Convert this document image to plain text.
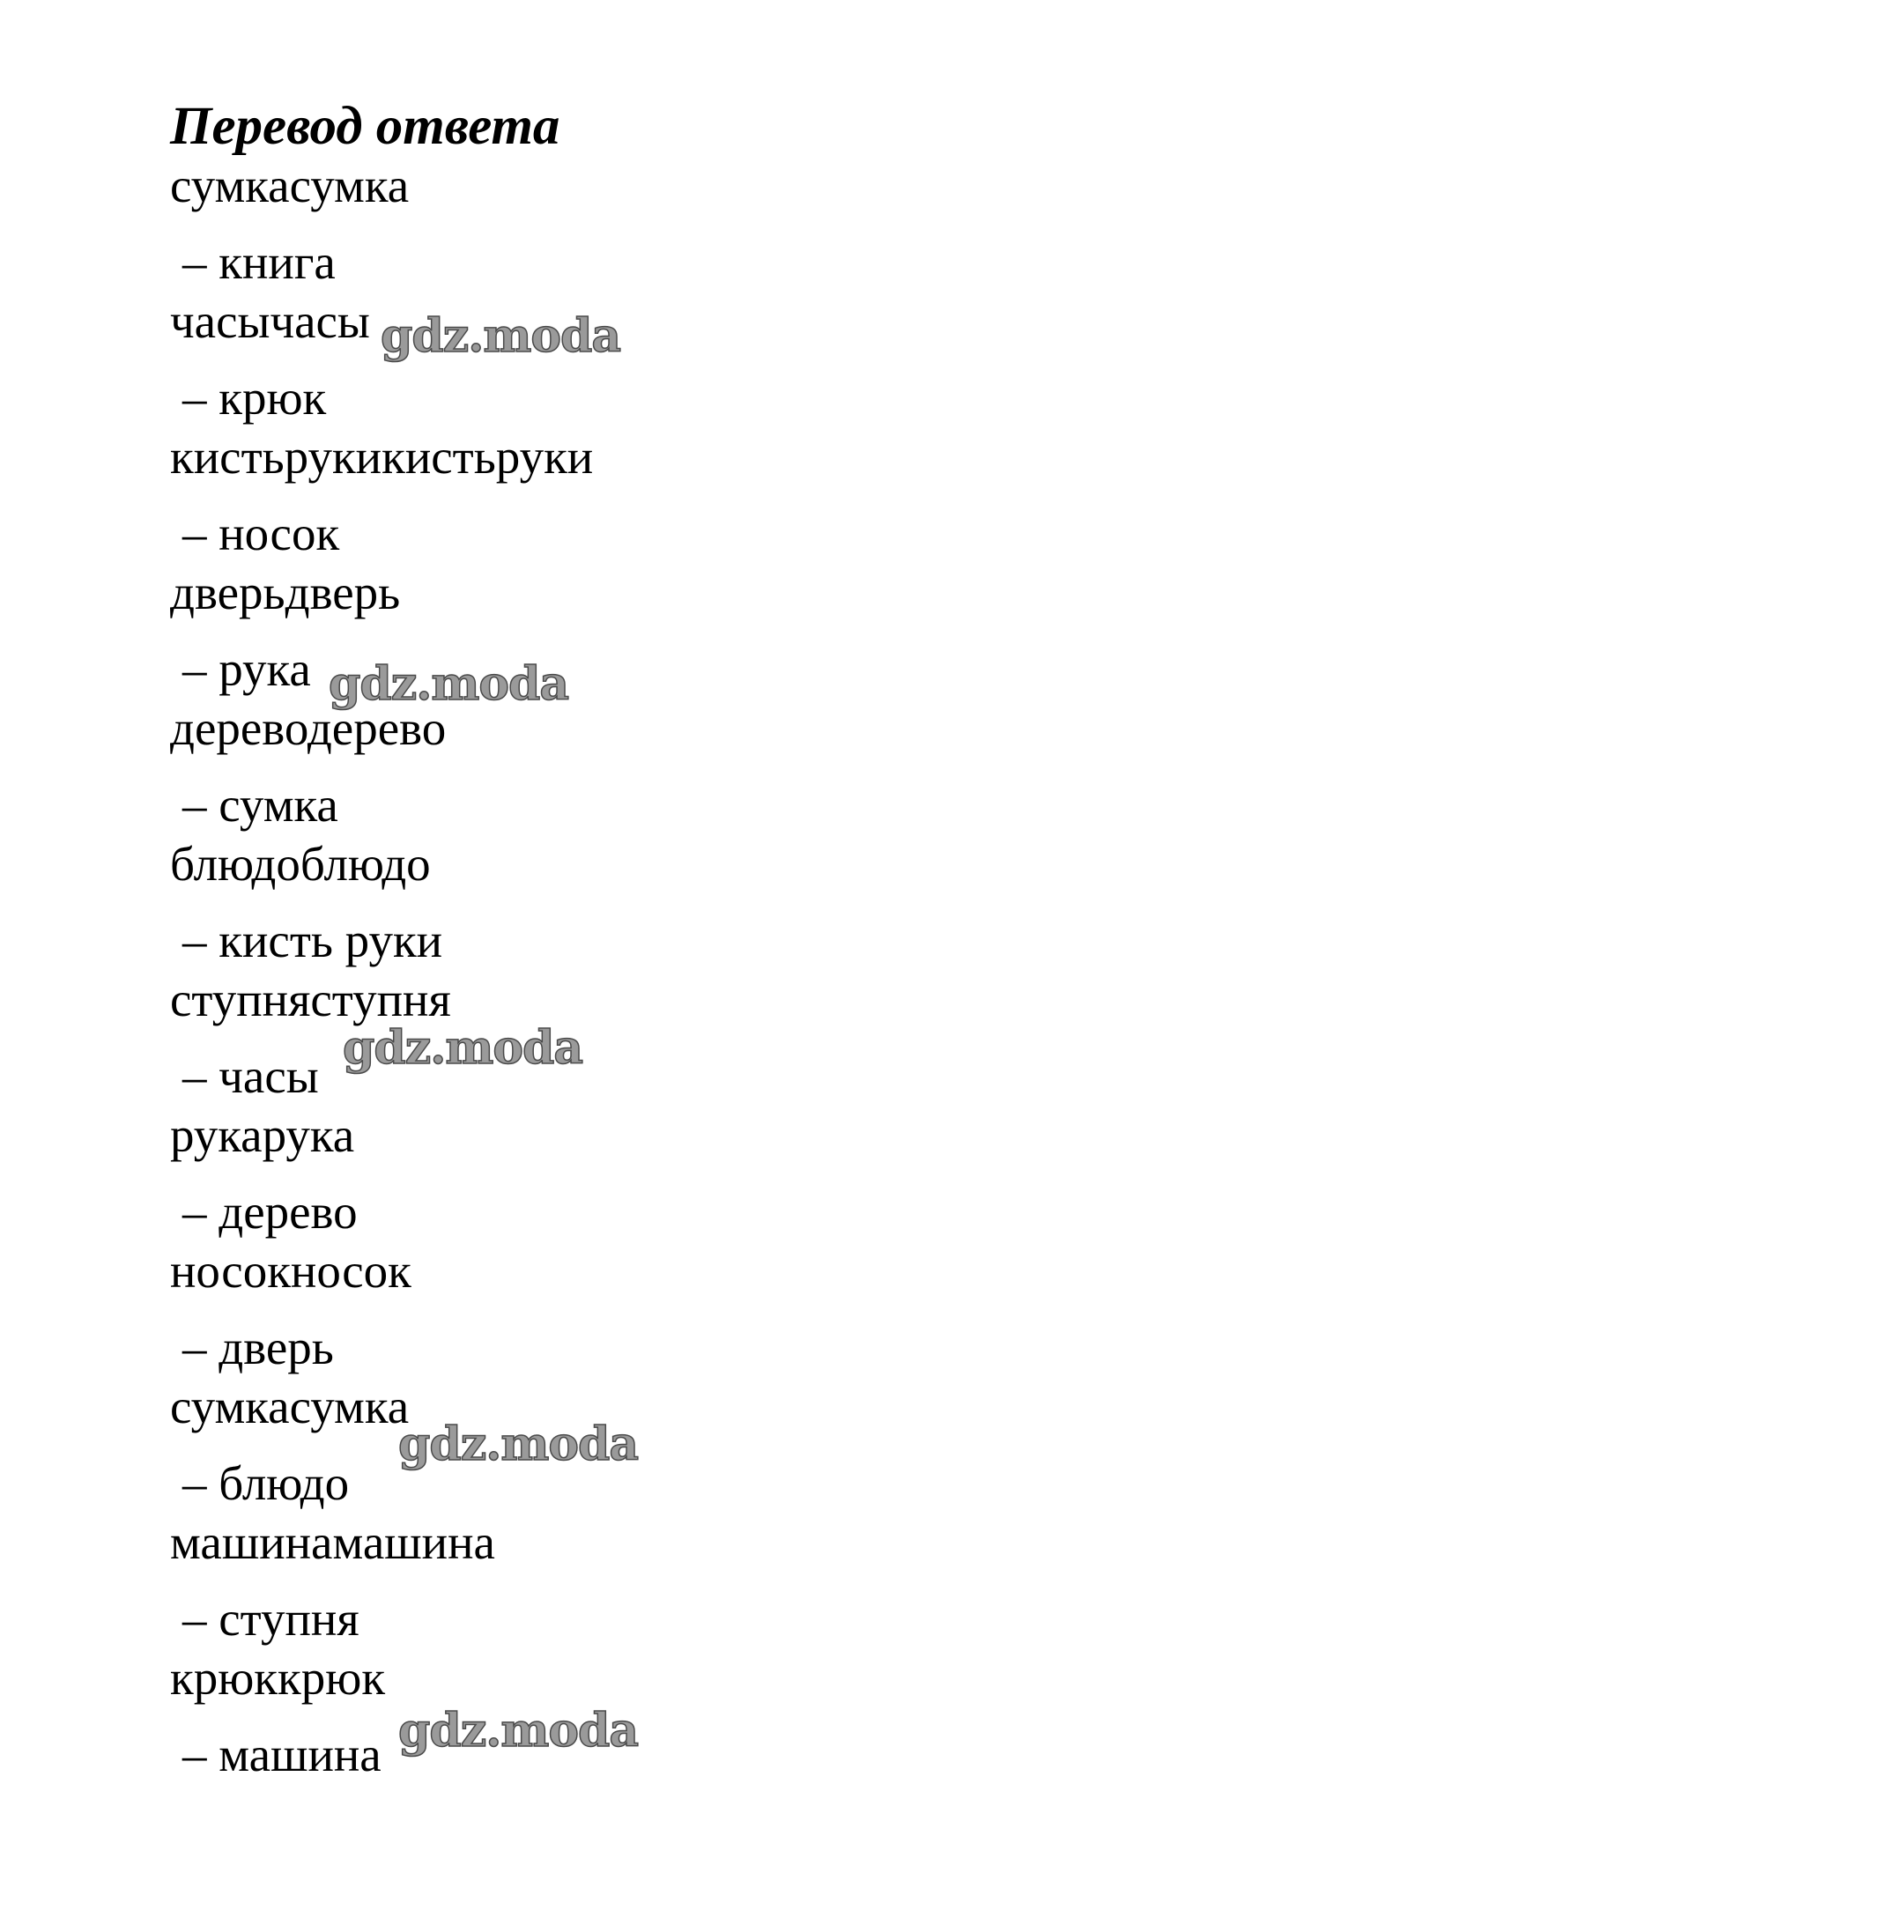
Перевод ответа
сумкасумка
– книга
часычасы
– крюк
кистьрукикистьруки
– носок
дверьдверь
– рука
дереводерево
– сумка
блюдоблюдо
– кисть руки
ступняступня
– часы
рукарука
– дерево
носокносок
– дверь
сумкасумка
– блюдо
машинамашина
– ступня
крюккрюк
– машина
gdz.moda
gdz.moda
gdz.moda
gdz.moda
gdz.moda
